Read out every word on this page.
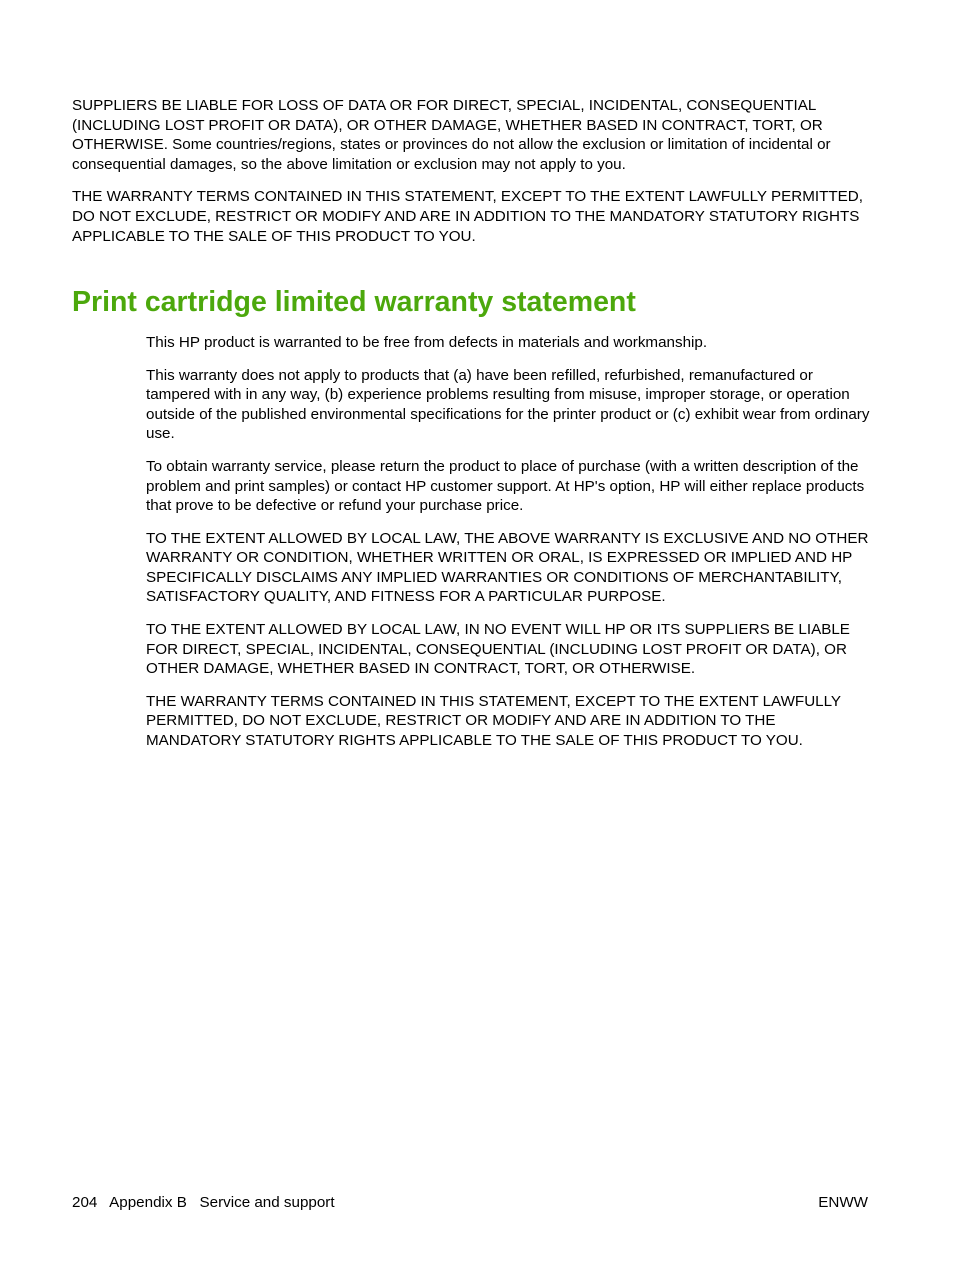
SUPPLIERS BE LIABLE FOR LOSS OF DATA OR FOR DIRECT, SPECIAL, INCIDENTAL, CONSEQUENTIAL (INCLUDING LOST PROFIT OR DATA), OR OTHER DAMAGE, WHETHER BASED IN CONTRACT, TORT, OR OTHERWISE. Some countries/regions, states or provinces do not allow the exclusion or limitation of incidental or consequential damages, so the above limitation or exclusion may not apply to you.

THE WARRANTY TERMS CONTAINED IN THIS STATEMENT, EXCEPT TO THE EXTENT LAWFULLY PERMITTED, DO NOT EXCLUDE, RESTRICT OR MODIFY AND ARE IN ADDITION TO THE MANDATORY STATUTORY RIGHTS APPLICABLE TO THE SALE OF THIS PRODUCT TO YOU.

Print cartridge limited warranty statement

This HP product is warranted to be free from defects in materials and workmanship.

This warranty does not apply to products that (a) have been refilled, refurbished, remanufactured or tampered with in any way, (b) experience problems resulting from misuse, improper storage, or operation outside of the published environmental specifications for the printer product or (c) exhibit wear from ordinary use.

To obtain warranty service, please return the product to place of purchase (with a written description of the problem and print samples) or contact HP customer support. At HP's option, HP will either replace products that prove to be defective or refund your purchase price.

TO THE EXTENT ALLOWED BY LOCAL LAW, THE ABOVE WARRANTY IS EXCLUSIVE AND NO OTHER WARRANTY OR CONDITION, WHETHER WRITTEN OR ORAL, IS EXPRESSED OR IMPLIED AND HP SPECIFICALLY DISCLAIMS ANY IMPLIED WARRANTIES OR CONDITIONS OF MERCHANTABILITY, SATISFACTORY QUALITY, AND FITNESS FOR A PARTICULAR PURPOSE.

TO THE EXTENT ALLOWED BY LOCAL LAW, IN NO EVENT WILL HP OR ITS SUPPLIERS BE LIABLE FOR DIRECT, SPECIAL, INCIDENTAL, CONSEQUENTIAL (INCLUDING LOST PROFIT OR DATA), OR OTHER DAMAGE, WHETHER BASED IN CONTRACT, TORT, OR OTHERWISE.

THE WARRANTY TERMS CONTAINED IN THIS STATEMENT, EXCEPT TO THE EXTENT LAWFULLY PERMITTED, DO NOT EXCLUDE, RESTRICT OR MODIFY AND ARE IN ADDITION TO THE MANDATORY STATUTORY RIGHTS APPLICABLE TO THE SALE OF THIS PRODUCT TO YOU.

204   Appendix B   Service and support	ENWW
